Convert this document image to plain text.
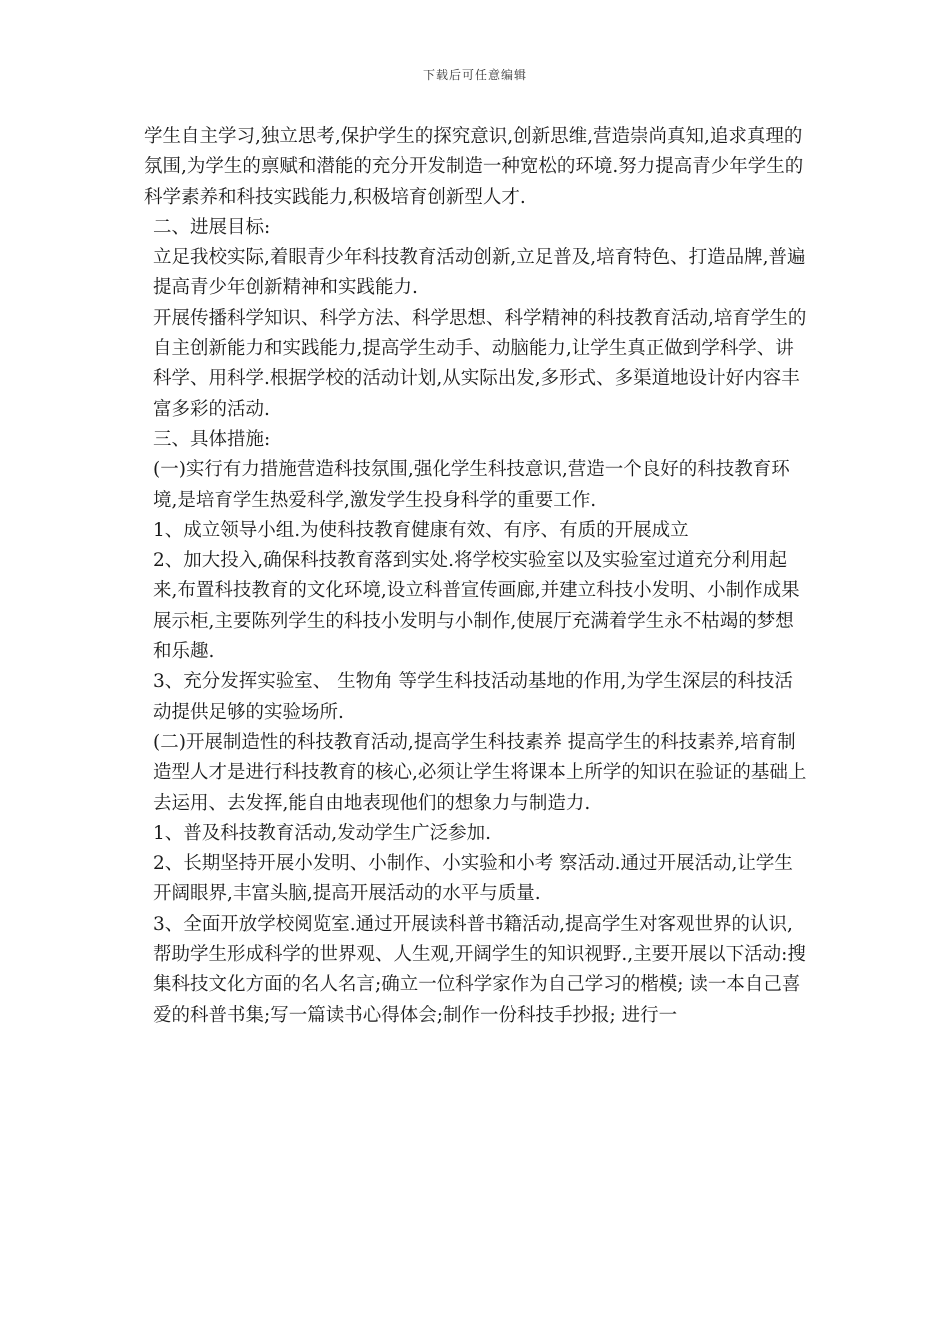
下载后可任意编辑

学生自主学习,独立思考,保护学生的探究意识,创新思维,营造崇尚真知,追求真理的氛围,为学生的禀赋和潜能的充分开发制造一种宽松的环境.努力提高青少年学生的科学素养和科技实践能力,积极培育创新型人才.

二、进展目标:

立足我校实际,着眼青少年科技教育活动创新,立足普及,培育特色、打造品牌,普遍提高青少年创新精神和实践能力.

开展传播科学知识、科学方法、科学思想、科学精神的科技教育活动,培育学生的自主创新能力和实践能力,提高学生动手、动脑能力,让学生真正做到学科学、讲科学、用科学.根据学校的活动计划,从实际出发,多形式、多渠道地设计好内容丰富多彩的活动.

三、具体措施:

(一)实行有力措施营造科技氛围,强化学生科技意识,营造一个良好的科技教育环境,是培育学生热爱科学,激发学生投身科学的重要工作.

1、成立领导小组.为使科技教育健康有效、有序、有质的开展成立

2、加大投入,确保科技教育落到实处.将学校实验室以及实验室过道充分利用起来,布置科技教育的文化环境,设立科普宣传画廊,并建立科技小发明、小制作成果展示柜,主要陈列学生的科技小发明与小制作,使展厅充满着学生永不枯竭的梦想和乐趣.

3、充分发挥实验室、 生物角 等学生科技活动基地的作用,为学生深层的科技活动提供足够的实验场所.

(二)开展制造性的科技教育活动,提高学生科技素养 提高学生的科技素养,培育制造型人才是进行科技教育的核心,必须让学生将课本上所学的知识在验证的基础上去运用、去发挥,能自由地表现他们的想象力与制造力.

1、普及科技教育活动,发动学生广泛参加.

2、长期坚持开展小发明、小制作、小实验和小考 察活动.通过开展活动,让学生开阔眼界,丰富头脑,提高开展活动的水平与质量.

3、全面开放学校阅览室.通过开展读科普书籍活动,提高学生对客观世界的认识,帮助学生形成科学的世界观、人生观,开阔学生的知识视野.,主要开展以下活动:搜集科技文化方面的名人名言;确立一位科学家作为自己学习的楷模; 读一本自己喜爱的科普书集;写一篇读书心得体会;制作一份科技手抄报; 进行一
